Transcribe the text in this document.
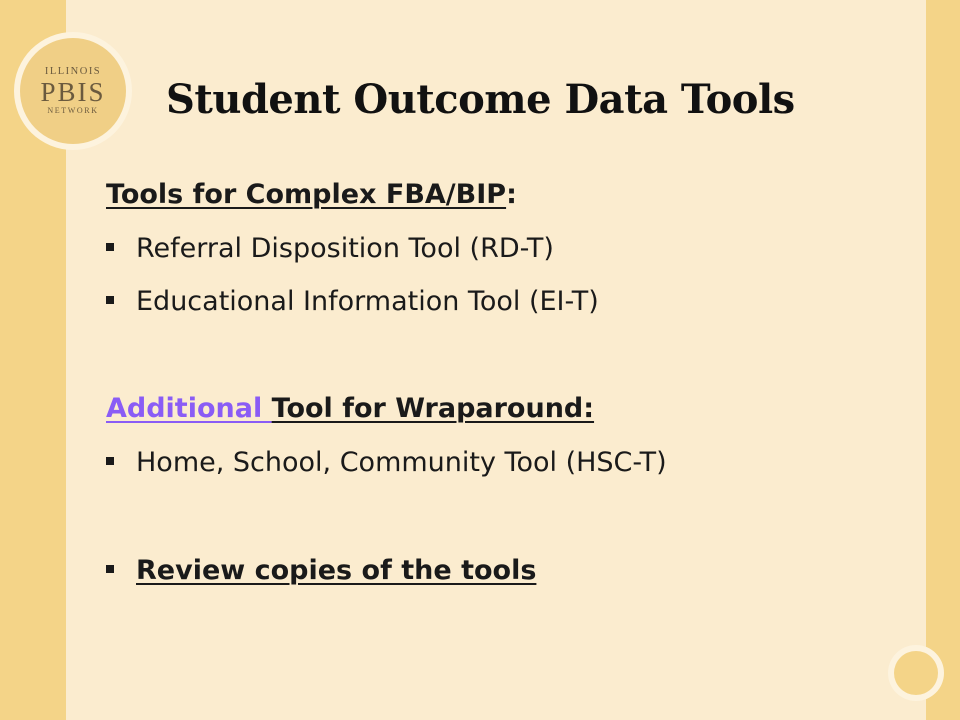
ILLINOIS
PBIS
NETWORK Student Outcome Data Tools
Tools for Complex FBA/BIP:
Referral Disposition Tool (RD-T)
Educational Information Tool (EI-T)
Additional Tool for Wraparound:
Home, School, Community Tool (HSC-T)
Review copies of the tools
